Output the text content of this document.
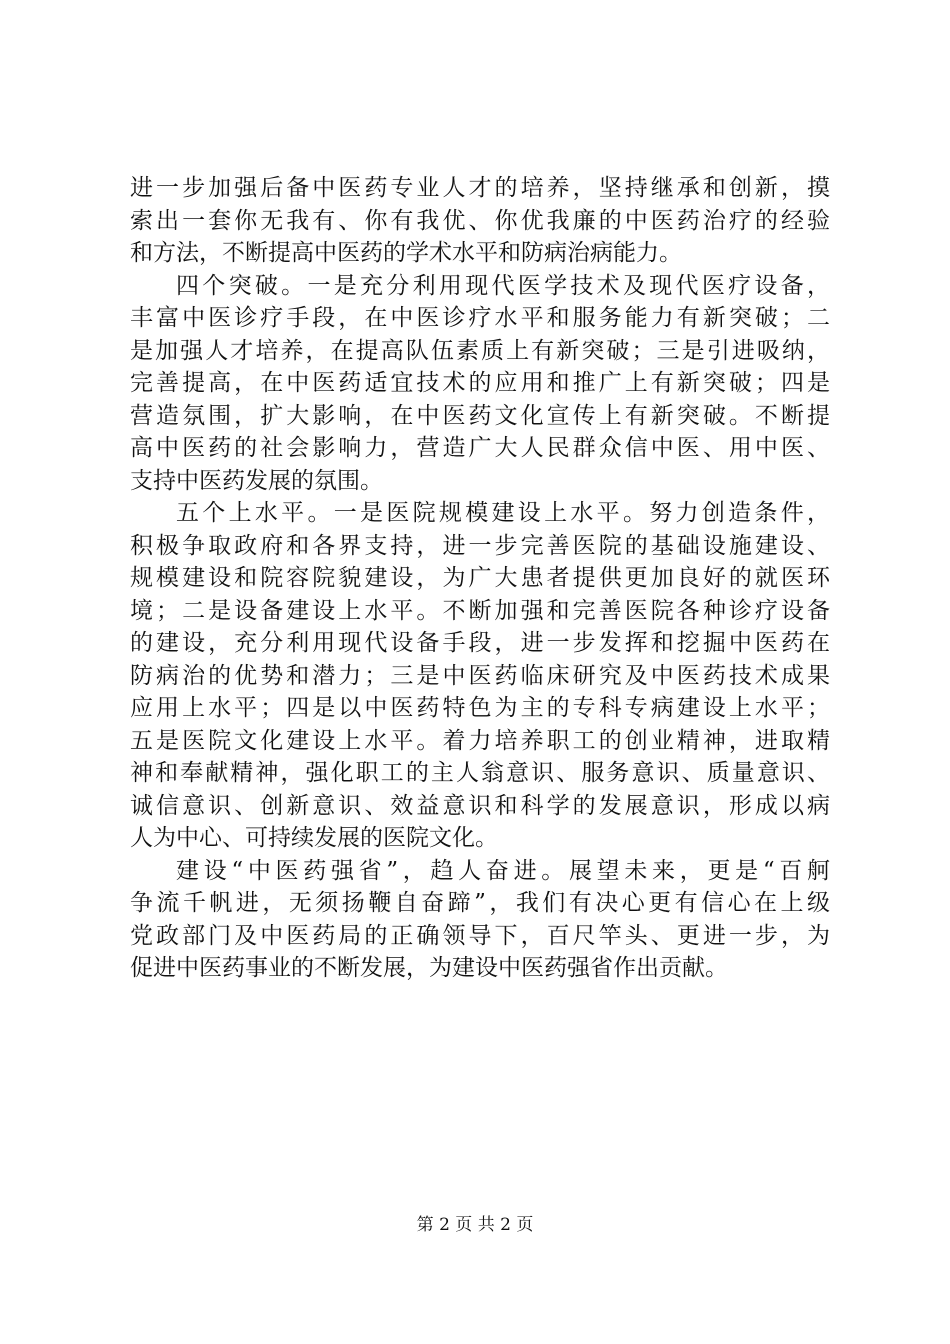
进一步加强后备中医药专业人才的培养，坚持继承和创新，摸
索出一套你无我有、你有我优、你优我廉的中医药治疗的经验
和方法，不断提高中医药的学术水平和防病治病能力。
四个突破。一是充分利用现代医学技术及现代医疗设备，
丰富中医诊疗手段，在中医诊疗水平和服务能力有新突破；二
是加强人才培养，在提高队伍素质上有新突破；三是引进吸纳，
完善提高，在中医药适宜技术的应用和推广上有新突破；四是
营造氛围，扩大影响，在中医药文化宣传上有新突破。不断提
高中医药的社会影响力，营造广大人民群众信中医、用中医、
支持中医药发展的氛围。
五个上水平。一是医院规模建设上水平。努力创造条件，
积极争取政府和各界支持，进一步完善医院的基础设施建设、
规模建设和院容院貌建设，为广大患者提供更加良好的就医环
境；二是设备建设上水平。不断加强和完善医院各种诊疗设备
的建设，充分利用现代设备手段，进一步发挥和挖掘中医药在
防病治的优势和潜力；三是中医药临床研究及中医药技术成果
应用上水平；四是以中医药特色为主的专科专病建设上水平；
五是医院文化建设上水平。着力培养职工的创业精神，进取精
神和奉献精神，强化职工的主人翁意识、服务意识、质量意识、
诚信意识、创新意识、效益意识和科学的发展意识，形成以病
人为中心、可持续发展的医院文化。
建设“中医药强省”，趋人奋进。展望未来，更是“百舸
争流千帆进，无须扬鞭自奋蹄”，我们有决心更有信心在上级
党政部门及中医药局的正确领导下，百尺竿头、更进一步，为
促进中医药事业的不断发展，为建设中医药强省作出贡献。
第 2 页 共 2 页
